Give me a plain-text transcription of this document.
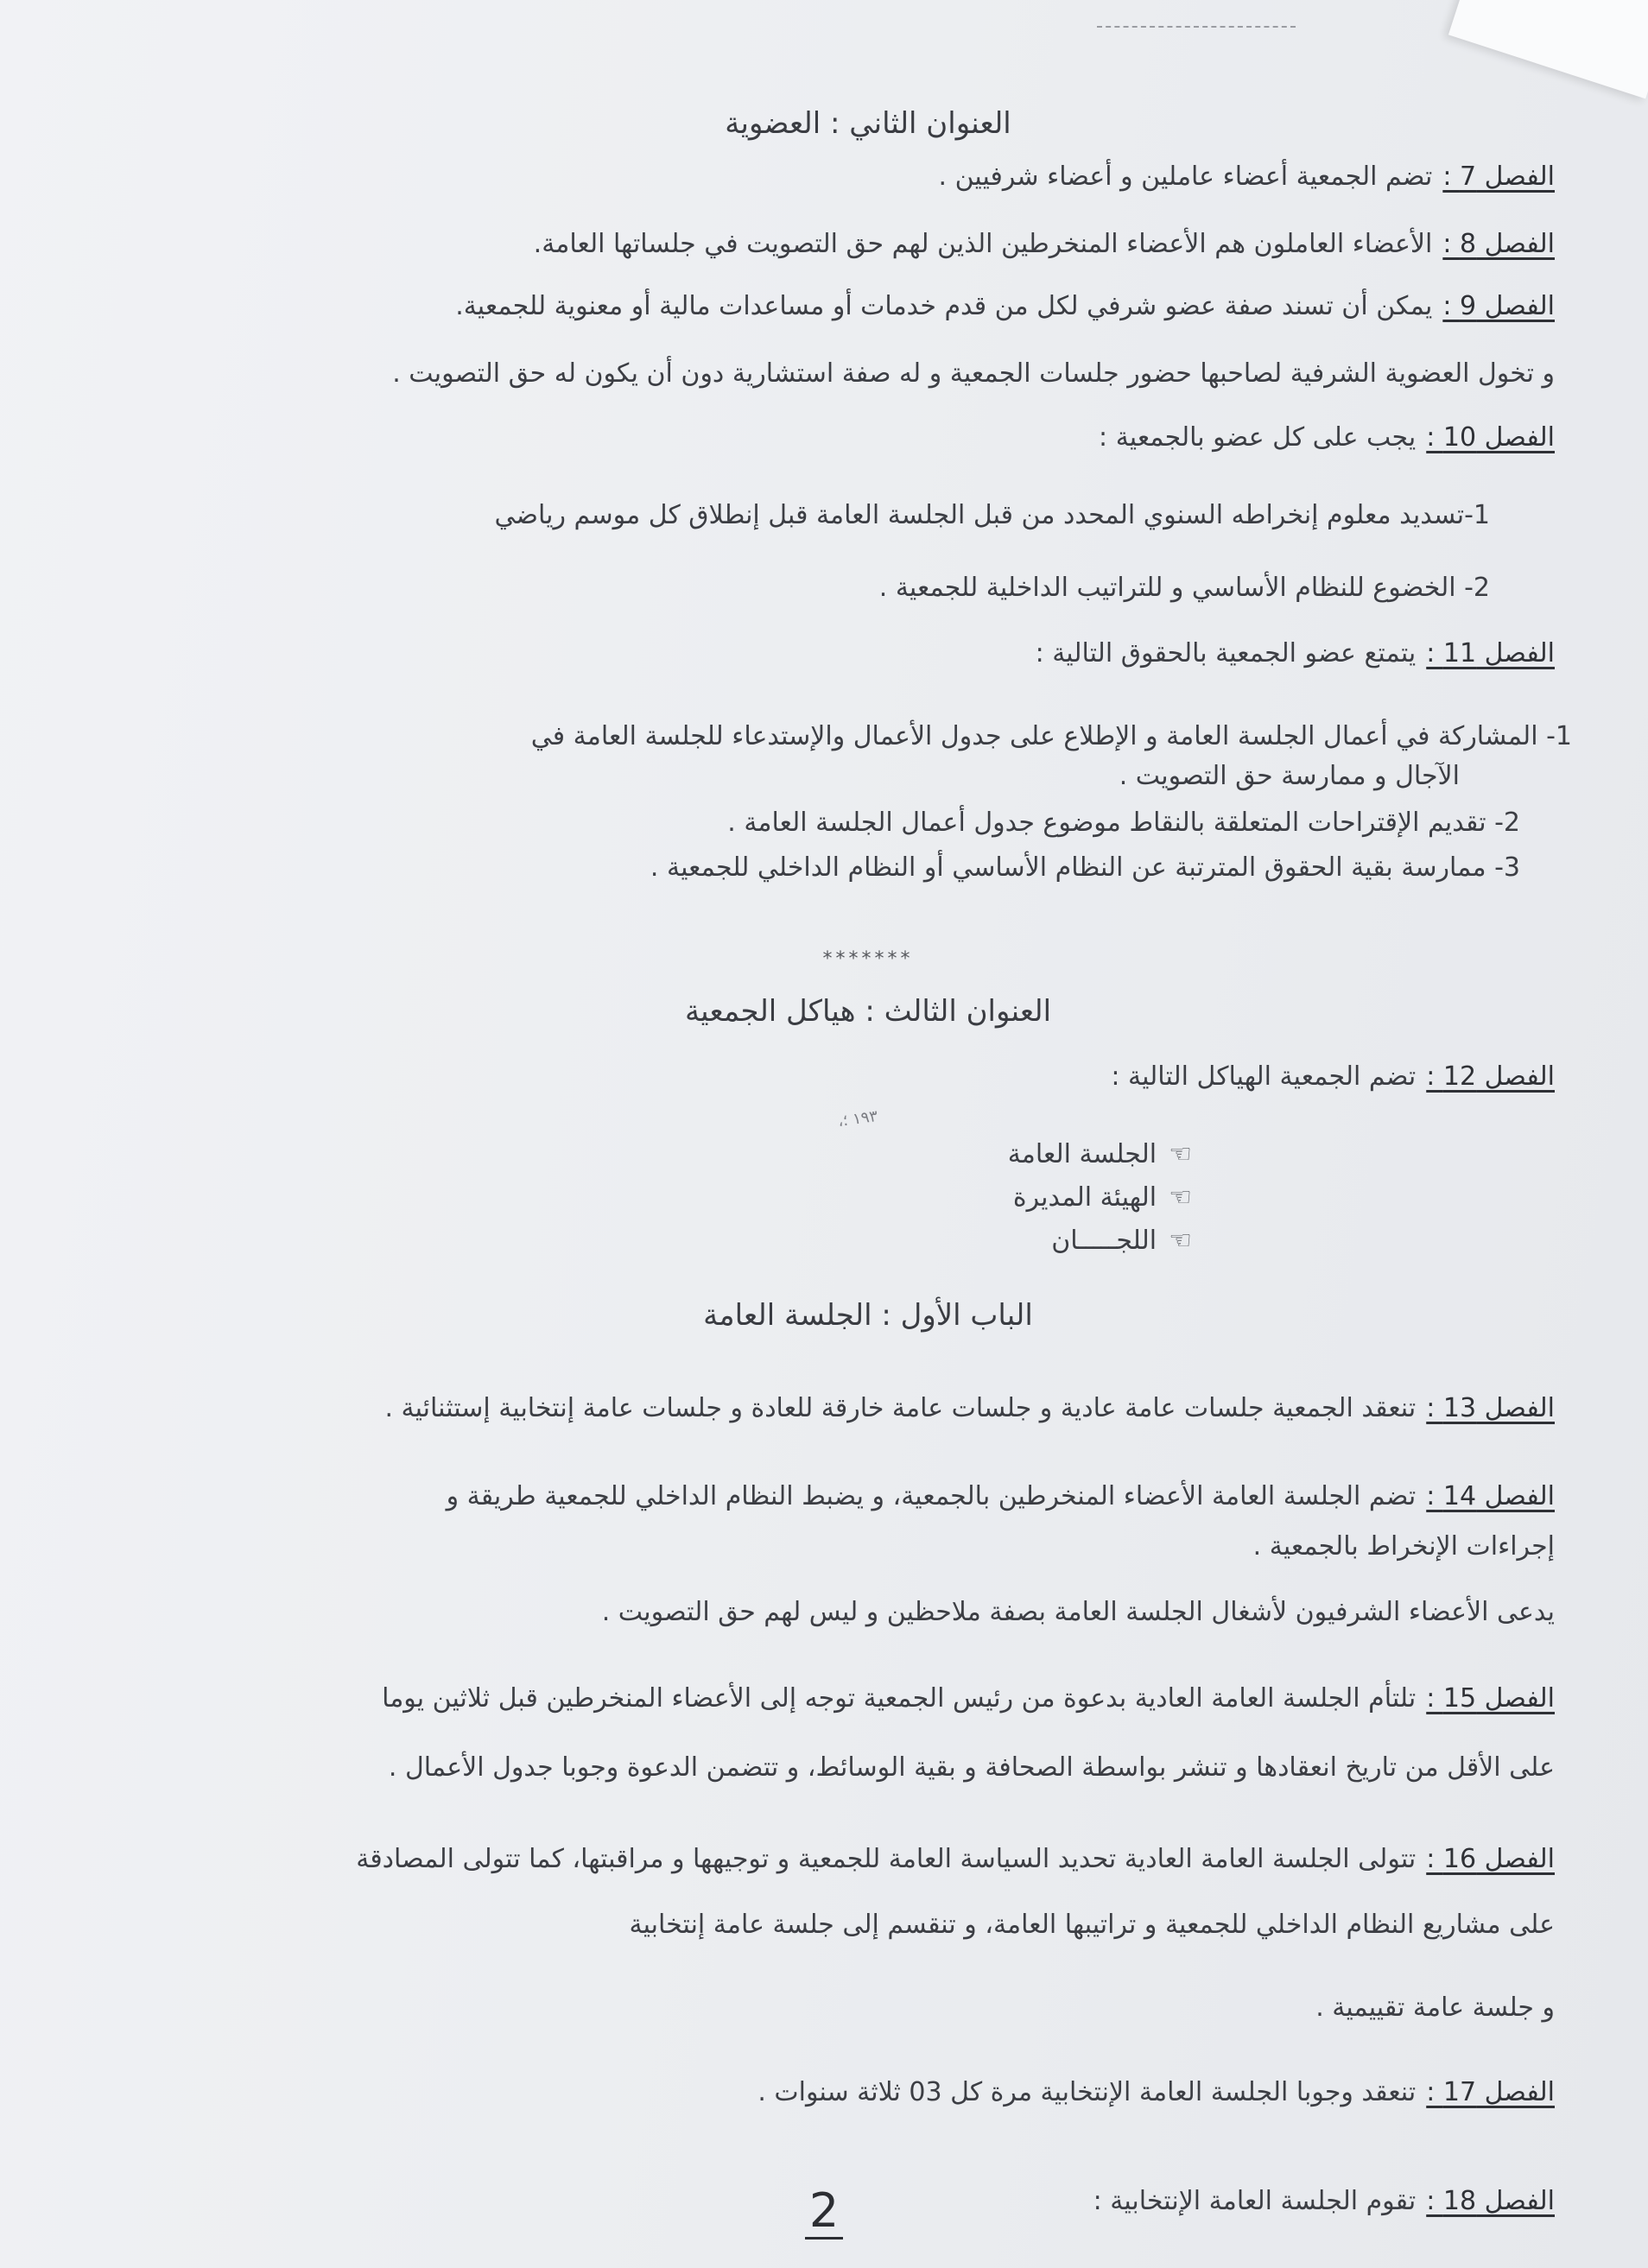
العنوان الثاني : العضوية
الفصل 7 :تضم الجمعية أعضاء عاملين و أعضاء شرفيين .
الفصل 8 :الأعضاء العاملون هم الأعضاء المنخرطين الذين لهم حق التصويت في جلساتها العامة.
الفصل 9 :يمكن أن تسند صفة عضو شرفي لكل من قدم خدمات أو مساعدات مالية أو معنوية للجمعية.
و تخول العضوية الشرفية لصاحبها حضور جلسات الجمعية و له صفة استشارية دون أن يكون له حق التصويت .
الفصل 10 :يجب على كل عضو بالجمعية :
1-تسديد معلوم إنخراطه السنوي المحدد من قبل الجلسة العامة قبل إنطلاق كل موسم رياضي
2- الخضوع للنظام الأساسي و للتراتيب الداخلية للجمعية .
الفصل 11 :يتمتع عضو الجمعية بالحقوق التالية :
1- المشاركة في أعمال الجلسة العامة و الإطلاع على جدول الأعمال والإستدعاء للجلسة العامة في
الآجال و ممارسة حق التصويت .
2- تقديم الإقتراحات المتعلقة بالنقاط موضوع جدول أعمال الجلسة العامة .
3- ممارسة بقية الحقوق المترتبة عن النظام الأساسي أو النظام الداخلي للجمعية .
*******
العنوان الثالث : هياكل الجمعية
الفصل 12 :تضم الجمعية الهياكل التالية :
،١٩٣ ؛
☜الجلسة العامة
☜الهيئة المديرة
☜اللجـــــان
الباب الأول : الجلسة العامة
الفصل 13 :تنعقد الجمعية جلسات عامة عادية و جلسات عامة خارقة للعادة و جلسات عامة إنتخابية إستثنائية .
الفصل 14 :تضم الجلسة العامة الأعضاء المنخرطين بالجمعية، و يضبط النظام الداخلي للجمعية طريقة و
إجراءات الإنخراط بالجمعية .
يدعى الأعضاء الشرفيون لأشغال الجلسة العامة بصفة ملاحظين و ليس لهم حق التصويت .
الفصل 15 :تلتأم الجلسة العامة العادية بدعوة من رئيس الجمعية توجه إلى الأعضاء المنخرطين قبل ثلاثين يوما
على الأقل من تاريخ انعقادها و تنشر بواسطة الصحافة و بقية الوسائط، و تتضمن الدعوة وجوبا جدول الأعمال .
الفصل 16 :تتولى الجلسة العامة العادية تحديد السياسة العامة للجمعية و توجيهها و مراقبتها، كما تتولى المصادقة
على مشاريع النظام الداخلي للجمعية و تراتيبها العامة، و تنقسم إلى جلسة عامة إنتخابية
و جلسة عامة تقييمية .
الفصل 17 :تنعقد وجوبا الجلسة العامة الإنتخابية مرة كل 03 ثلاثة سنوات .
الفصل 18 :تقوم الجلسة العامة الإنتخابية :
2
